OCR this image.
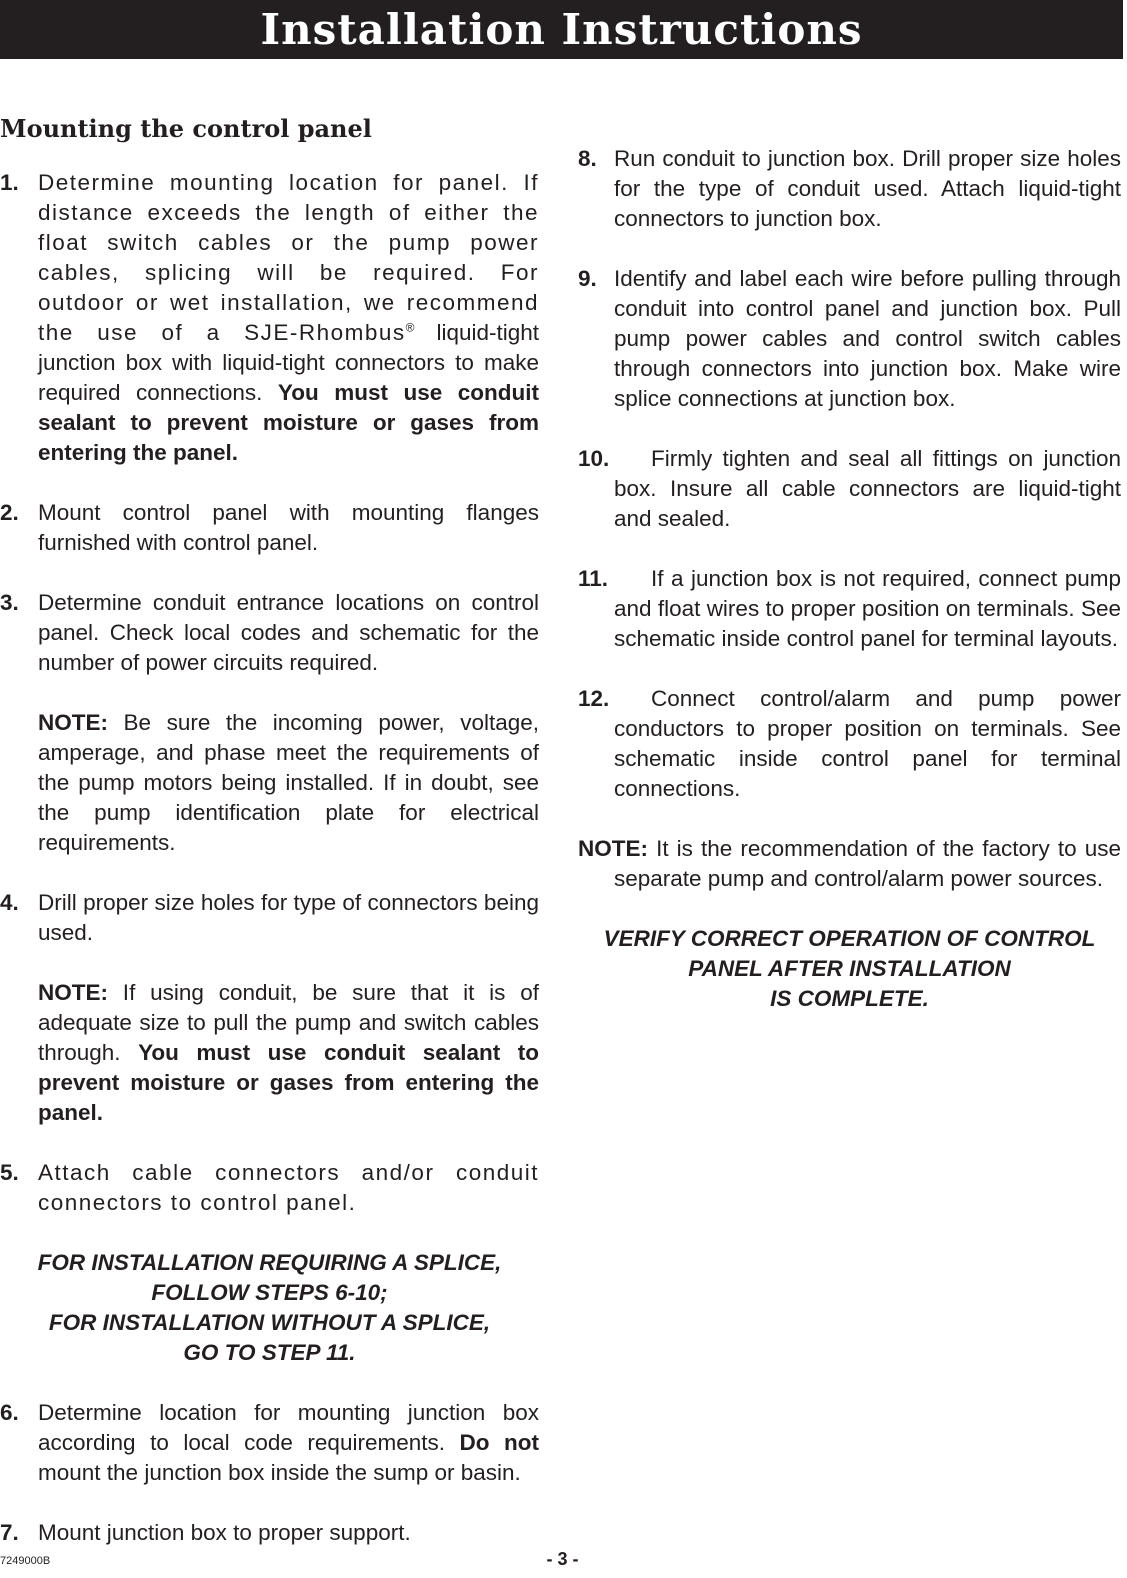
Installation Instructions
Mounting the control panel
1. Determine mounting location for panel. If distance exceeds the length of either the float switch cables or the pump power cables, splicing will be required. For outdoor or wet installation, we recommend the use of a SJE-Rhombus® liquid-tight junction box with liquid-tight connectors to make required connections. You must use conduit sealant to prevent moisture or gases from entering the panel.
2. Mount control panel with mounting flanges furnished with control panel.
3. Determine conduit entrance locations on control panel. Check local codes and schematic for the number of power circuits required.
NOTE: Be sure the incoming power, voltage, amperage, and phase meet the requirements of the pump motors being installed. If in doubt, see the pump identification plate for electrical requirements.
4. Drill proper size holes for type of connectors being used.
NOTE: If using conduit, be sure that it is of adequate size to pull the pump and switch cables through. You must use conduit sealant to prevent moisture or gases from entering the panel.
5. Attach cable connectors and/or conduit connectors to control panel.
FOR INSTALLATION REQUIRING A SPLICE,
FOLLOW STEPS 6-10;
FOR INSTALLATION WITHOUT A SPLICE,
GO TO STEP 11.
6. Determine location for mounting junction box according to local code requirements. Do not mount the junction box inside the sump or basin.
7. Mount junction box to proper support.
8. Run conduit to junction box. Drill proper size holes for the type of conduit used. Attach liquid-tight connectors to junction box.
9. Identify and label each wire before pulling through conduit into control panel and junction box. Pull pump power cables and control switch cables through connectors into junction box. Make wire splice connections at junction box.
10.	Firmly tighten and seal all fittings on junction box. Insure all cable connectors are liquid-tight and sealed.
11.	If a junction box is not required, connect pump and float wires to proper position on terminals. See schematic inside control panel for terminal layouts.
12.	Connect control/alarm and pump power conductors to proper position on terminals. See schematic inside control panel for terminal connections.
NOTE: It is the recommendation of the factory to use separate pump and control/alarm power sources.
VERIFY CORRECT OPERATION OF CONTROL
PANEL AFTER INSTALLATION
IS COMPLETE.
7249000B	- 3 -
